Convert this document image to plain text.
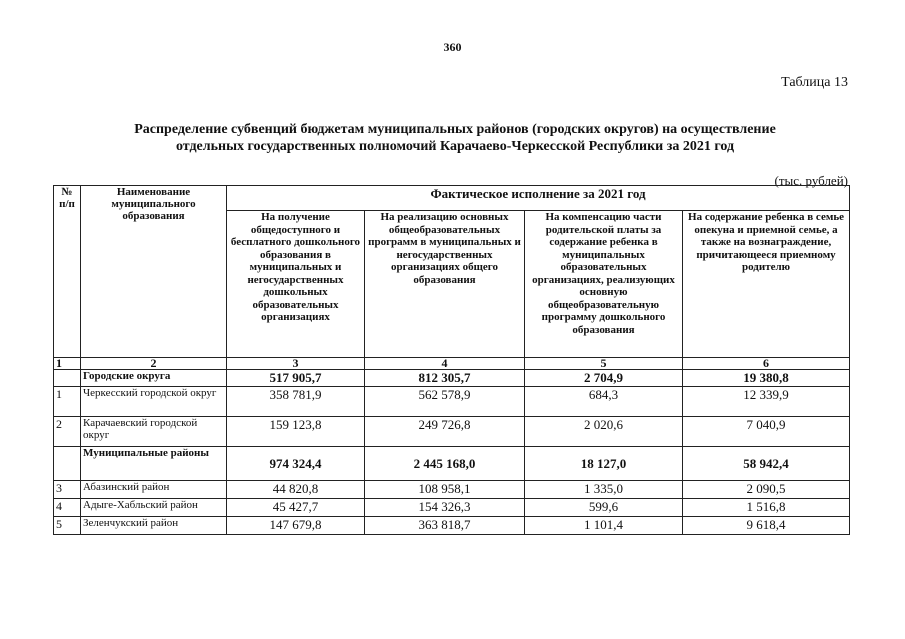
360
Таблица 13
Распределение субвенций бюджетам муниципальных районов (городских округов) на осуществление
отдельных государственных полномочий Карачаево-Черкесской Республики за 2021 год
(тыс. рублей)
№ п/п	Наименование муниципального образования	Фактическое исполнение за 2021 год			
		На получение общедоступного и бесплатного дошкольного образования в муниципальных и негосударственных дошкольных образовательных организациях	На реализацию основных общеобразовательных программ в муниципальных и негосударственных организациях общего образования	На компенсацию части родительской платы за содержание ребенка в муниципальных образовательных организациях, реализующих основную общеобразовательную программу дошкольного образования	На содержание ребенка в семье опекуна и приемной семье, а также на вознаграждение, причитающееся приемному родителю
1	2	3	4	5	6
	Городские округа	517 905,7	812 305,7	2 704,9	19 380,8
1	Черкесский городской округ	358 781,9	562 578,9	684,3	12 339,9
2	Карачаевский городской округ	159 123,8	249 726,8	2 020,6	7 040,9
	Муниципальные районы	974 324,4	2 445 168,0	18 127,0	58 942,4
3	Абазинский район	44 820,8	108 958,1	1 335,0	2 090,5
4	Адыге-Хабльский район	45 427,7	154 326,3	599,6	1 516,8
5	Зеленчукский район	147 679,8	363 818,7	1 101,4	9 618,4
